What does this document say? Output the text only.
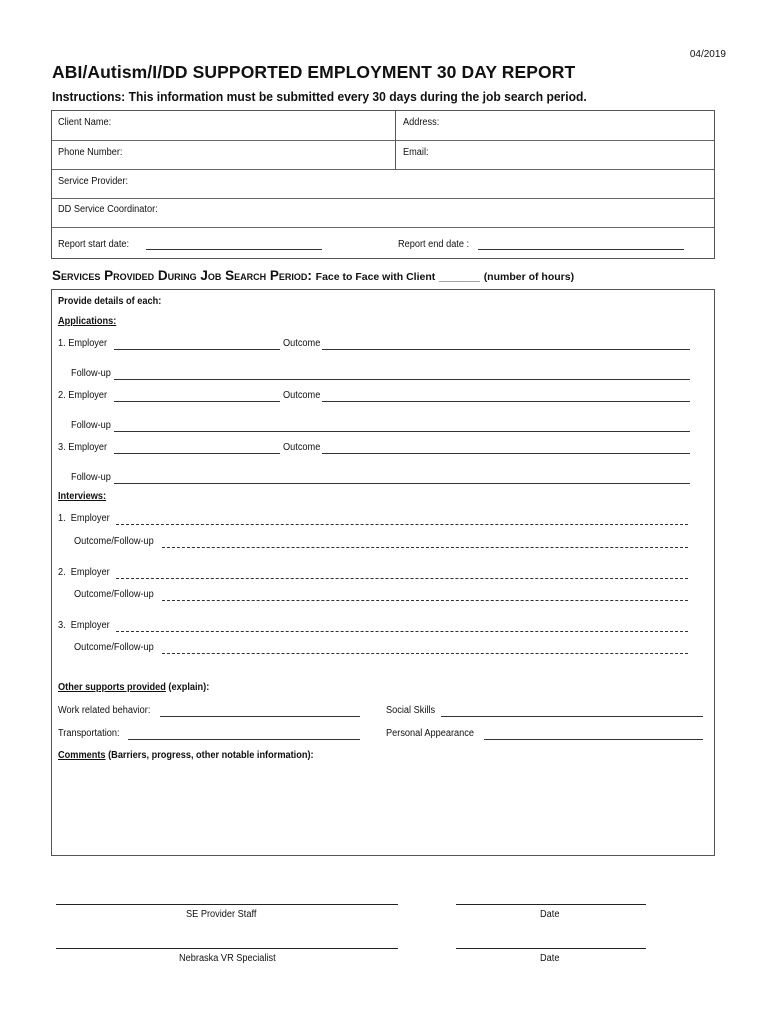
04/2019
ABI/Autism/I/DD SUPPORTED EMPLOYMENT 30 DAY REPORT
Instructions: This information must be submitted every 30 days during the job search period.
Client Name:	Address:
Phone Number:	Email:
Service Provider:
DD Service Coordinator:
Report start date:	Report end date :
Services Provided During Job Search Period: Face to Face with Client _______ (number of hours)
Provide details of each:
Applications:
1. Employer	Outcome
Follow-up
2. Employer	Outcome
Follow-up
3. Employer	Outcome
Follow-up
Interviews:
1. Employer
Outcome/Follow-up
2. Employer
Outcome/Follow-up
3. Employer
Outcome/Follow-up
Other supports provided (explain):
Work related behavior:	Social Skills
Transportation:	Personal Appearance
Comments (Barriers, progress, other notable information):
SE Provider Staff	Date
Nebraska VR Specialist	Date
